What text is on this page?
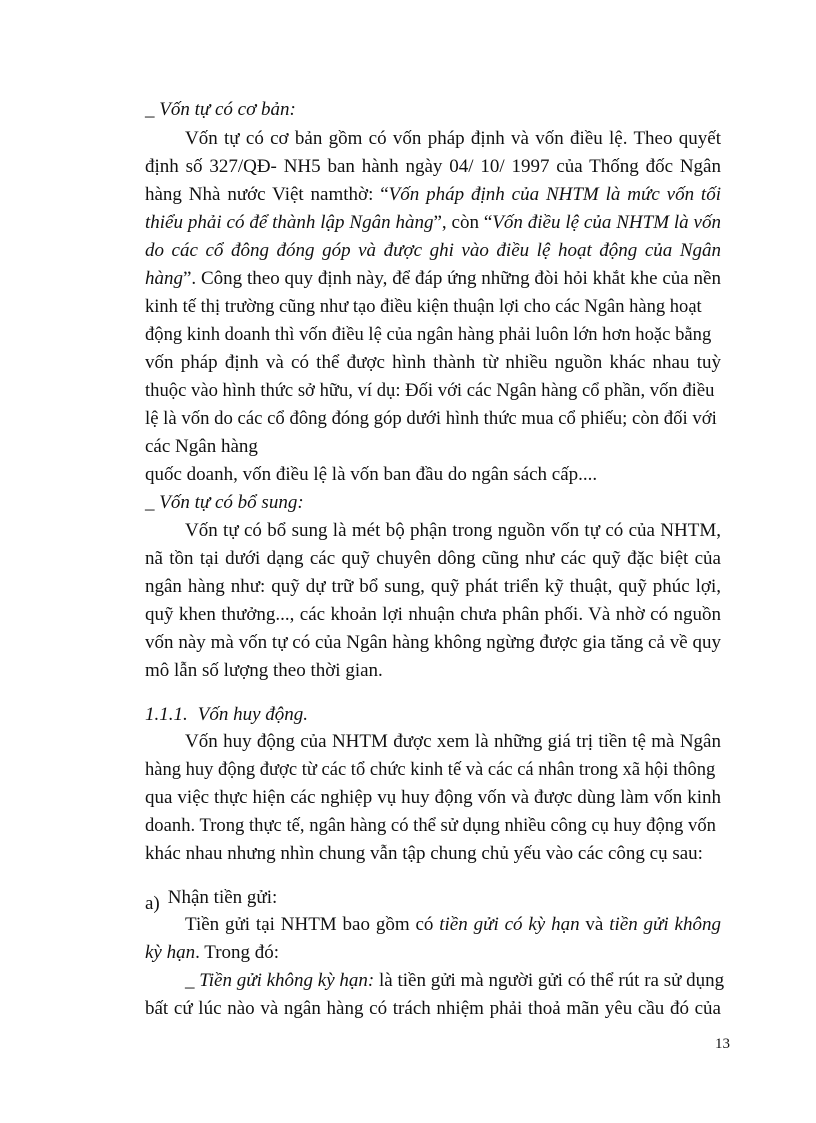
_ Vốn tự có cơ bản:
Vốn tự có cơ bản gồm có vốn pháp định và vốn điều lệ. Theo quyết
định số 327/QĐ- NH5 ban hành ngày 04/ 10/ 1997 của Thống đốc Ngân
hàng Nhà nước Việt namthờ: “Vốn pháp định của NHTM là mức vốn tối
thiểu phải có để thành lập Ngân hàng”, còn “Vốn điều lệ của NHTM là vốn
do các cổ đông đóng góp và được ghi vào điều lệ hoạt động của Ngân
hàng”. Công theo quy định này, để đáp ứng những đòi hỏi khắt khe của nền
kinh tế thị trường cũng như tạo điều kiện thuận lợi cho các Ngân hàng hoạt
động kinh doanh thì vốn điều lệ của ngân hàng phải luôn lớn hơn hoặc bằng
vốn pháp định và có thể được hình thành từ nhiều nguồn khác nhau tuỳ
thuộc vào hình thức sở hữu, ví dụ: Đối với các Ngân hàng cổ phần, vốn điều
lệ là vốn do các cổ đông đóng góp dưới hình thức mua cổ phiếu; còn đối với
các Ngân hàng
quốc doanh, vốn điều lệ là vốn ban đầu do ngân sách cấp....
_ Vốn tự có bổ sung:
Vốn tự có bổ sung là mét bộ phận trong nguồn vốn tự có của NHTM,
nã tồn tại dưới dạng các quỹ chuyên dông cũng như các quỹ đặc biệt của
ngân hàng như: quỹ dự trữ bổ sung, quỹ phát triển kỹ thuật, quỹ phúc lợi,
quỹ khen thưởng..., các khoản lợi nhuận chưa phân phối. Và nhờ có nguồn
vốn này mà vốn tự có của Ngân hàng không ngừng được gia tăng cả về quy
mô lẫn số lượng theo thời gian.
1.1.1. Vốn huy động.
Vốn huy động của NHTM được xem là những giá trị tiền tệ mà Ngân
hàng huy động được từ các tổ chức kinh tế và các cá nhân trong xã hội thông
qua việc thực hiện các nghiệp vụ huy động vốn và được dùng làm vốn kinh
doanh. Trong thực tế, ngân hàng có thể sử dụng nhiều công cụ huy động vốn
khác nhau nhưng nhìn chung vẫn tập chung chủ yếu vào các công cụ sau:
a) Nhận tiền gửi:
Tiền gửi tại NHTM bao gồm có tiền gửi có kỳ hạn và tiền gửi không
kỳ hạn. Trong đó:
_ Tiền gửi không kỳ hạn: là tiền gửi mà người gửi có thể rút ra sử dụng
bất cứ lúc nào và ngân hàng có trách nhiệm phải thoả mãn yêu cầu đó của
13
